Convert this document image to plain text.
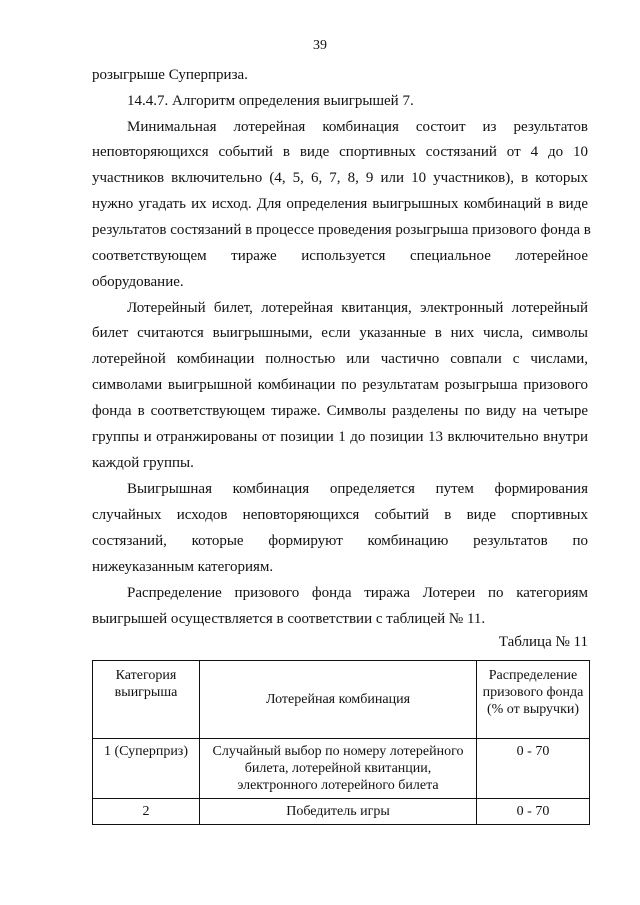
39
розыгрыше Суперприза.
14.4.7. Алгоритм определения выигрышей 7.
Минимальная лотерейная комбинация состоит из результатов
неповторяющихся событий в виде спортивных состязаний от 4 до 10
участников включительно (4, 5, 6, 7, 8, 9 или 10 участников), в которых
нужно угадать их исход. Для определения выигрышных комбинаций в виде
результатов состязаний в процессе проведения розыгрыша призового фонда в
соответствующем тираже используется специальное лотерейное
оборудование.
Лотерейный билет, лотерейная квитанция, электронный лотерейный
билет считаются выигрышными, если указанные в них числа, символы
лотерейной комбинации полностью или частично совпали с числами,
символами выигрышной комбинации по результатам розыгрыша призового
фонда в соответствующем тираже. Символы разделены по виду на четыре
группы и отранжированы от позиции 1 до позиции 13 включительно внутри
каждой группы.
Выигрышная комбинация определяется путем формирования
случайных исходов неповторяющихся событий в виде спортивных
состязаний, которые формируют комбинацию результатов по
нижеуказанным категориям.
Распределение призового фонда тиража Лотереи по категориям
выигрышей осуществляется в соответствии с таблицей № 11.
Таблица № 11
Категория выигрыша	Лотерейная комбинация	Распределение призового фонда (% от выручки)
1 (Суперприз)	Случайный выбор по номеру лотерейного билета, лотерейной квитанции, электронного лотерейного билета	0 - 70
2	Победитель игры	0 - 70
